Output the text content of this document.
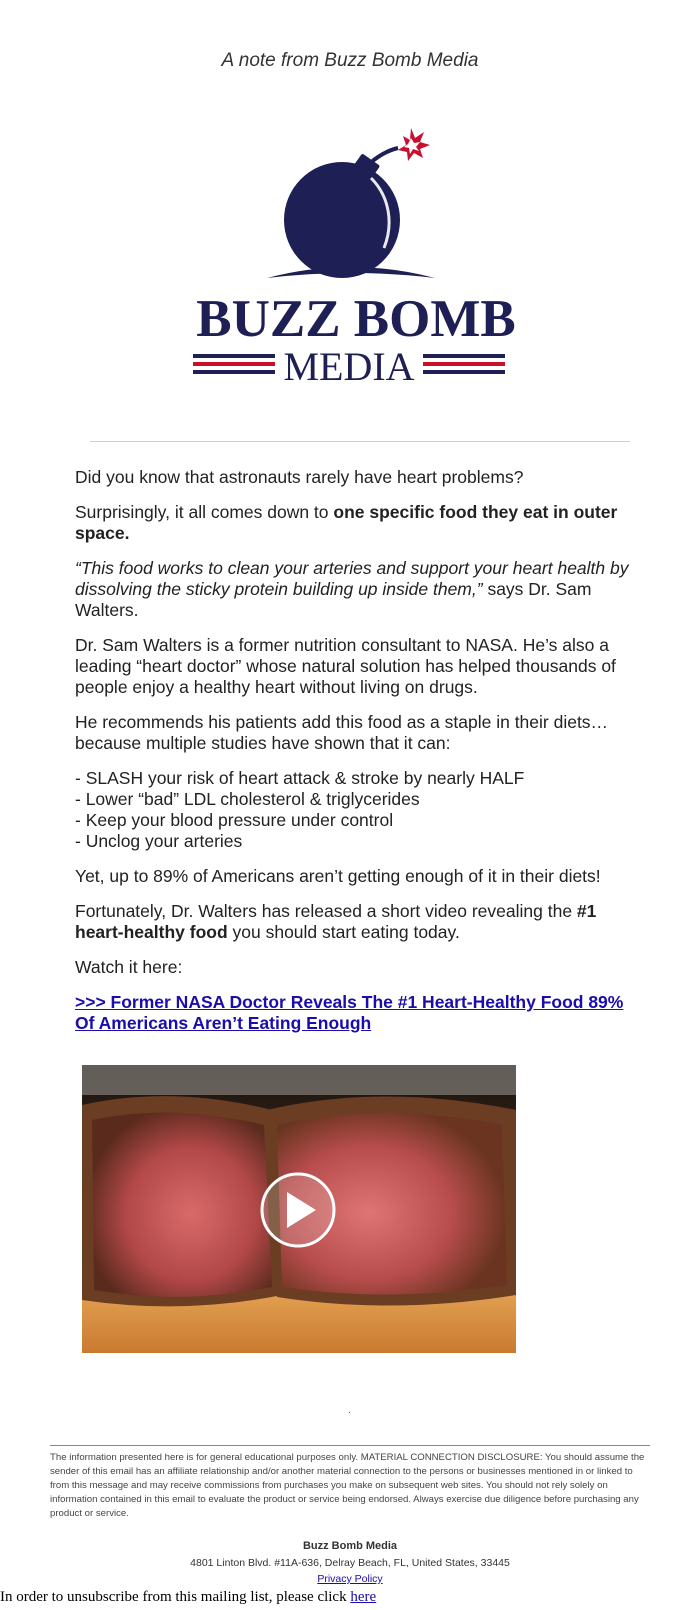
A note from Buzz Bomb Media
BUZZ BOMB
MEDIA

Did you know that astronauts rarely have heart problems?

Surprisingly, it all comes down to one specific food they eat in outer space.

“This food works to clean your arteries and support your heart health by dissolving the sticky protein building up inside them,” says Dr. Sam Walters.

Dr. Sam Walters is a former nutrition consultant to NASA. He’s also a leading “heart doctor” whose natural solution has helped thousands of people enjoy a healthy heart without living on drugs.

He recommends his patients add this food as a staple in their diets… because multiple studies have shown that it can:

- SLASH your risk of heart attack & stroke by nearly HALF
- Lower “bad” LDL cholesterol & triglycerides
- Keep your blood pressure under control
- Unclog your arteries

Yet, up to 89% of Americans aren’t getting enough of it in their diets!

Fortunately, Dr. Walters has released a short video revealing the #1 heart-healthy food you should start eating today.

Watch it here:

>>> Former NASA Doctor Reveals The #1 Heart-Healthy Food 89% Of Americans Aren’t Eating Enough

.
The information presented here is for general educational purposes only. MATERIAL CONNECTION DISCLOSURE: You should assume the sender of this email has an affiliate relationship and/or another material connection to the persons or businesses mentioned in or linked to from this message and may receive commissions from purchases you make on subsequent web sites. You should not rely solely on information contained in this email to evaluate the product or service being endorsed. Always exercise due diligence before purchasing any product or service.
Buzz Bomb Media
4801 Linton Blvd. #11A-636, Delray Beach, FL, United States, 33445
Privacy Policy
In order to unsubscribe from this mailing list, please click here
